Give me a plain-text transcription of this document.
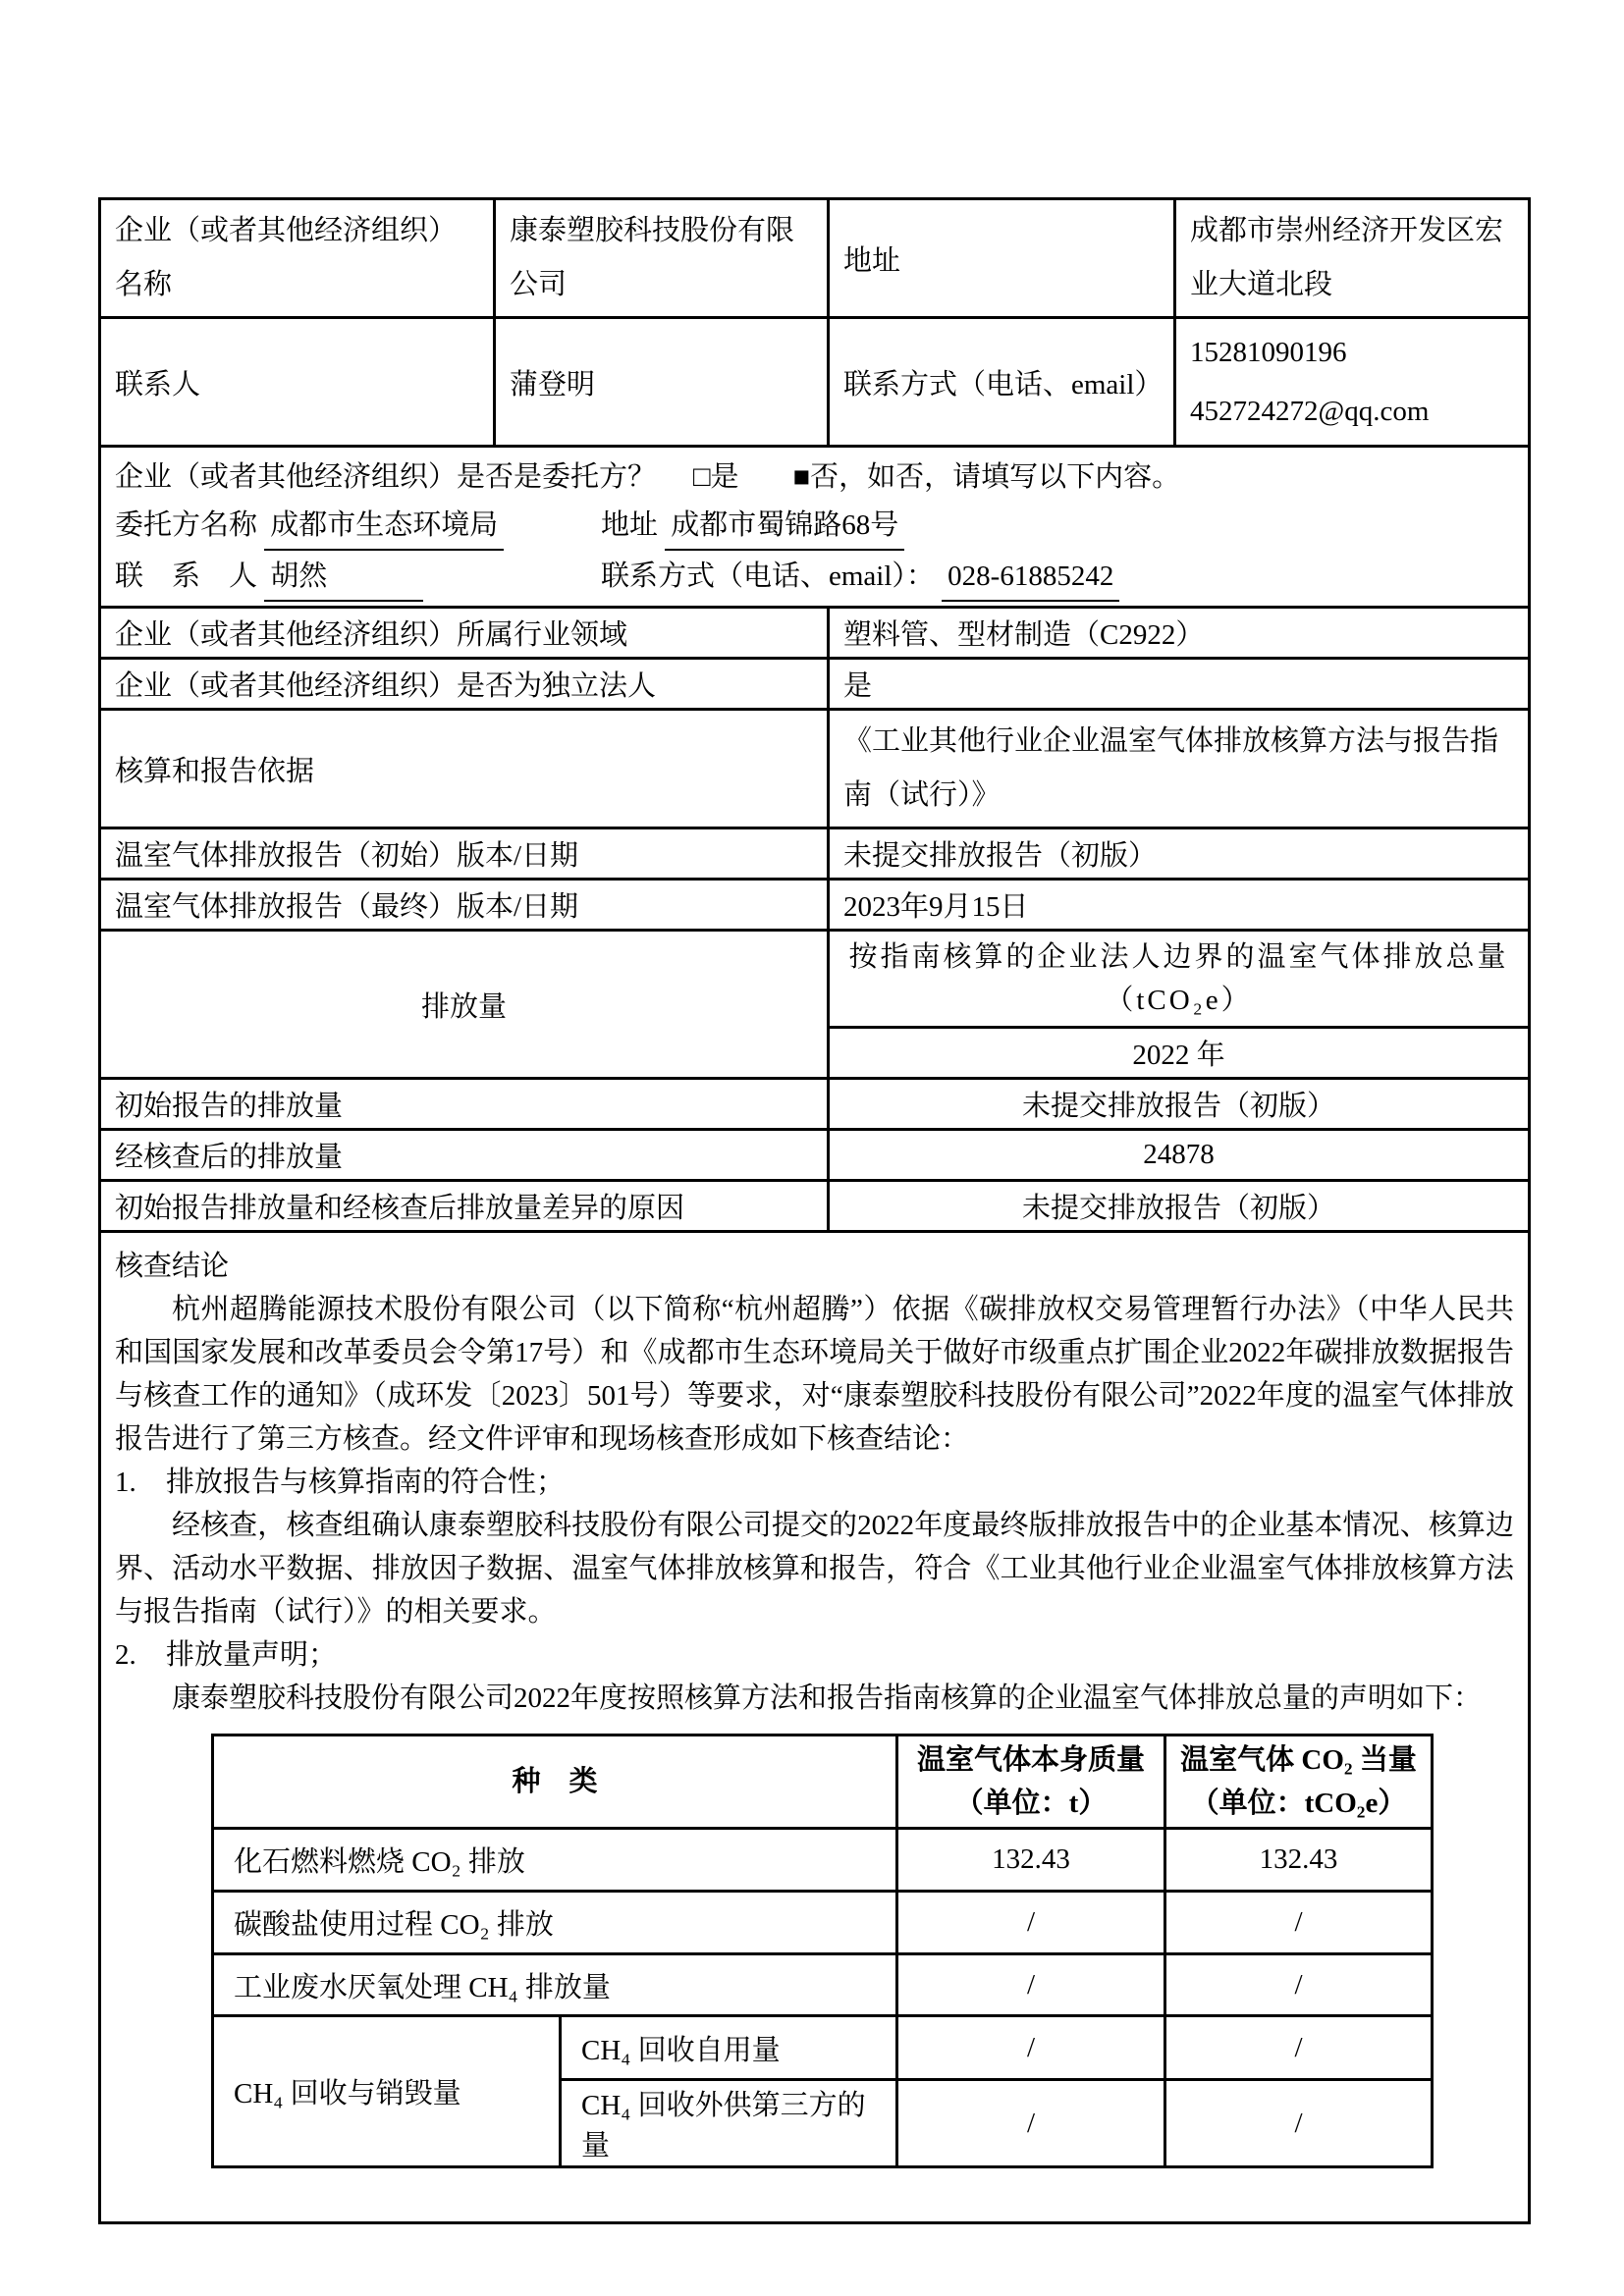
企业（或者其他经济组织）名称	康泰塑胶科技股份有限公司	地址	成都市崇州经济开发区宏业大道北段
联系人	蒲登明	联系方式（电话、email）	
15281090196
452724272@qq.com

企业（或者其他经济组织）是否是委托方？ □是 ■否，如否，请填写以下内容。
委托方名称 成都市生态环境局	地址 成都市蜀锦路68号
联　系　人 胡然	联系方式（电话、email）： 028-61885242

企业（或者其他经济组织）所属行业领域	塑料管、型材制造（C2922）
企业（或者其他经济组织）是否为独立法人	是
核算和报告依据	《工业其他行业企业温室气体排放核算方法与报告指南（试行）》
温室气体排放报告（初始）版本/日期	未提交排放报告（初版）
温室气体排放报告（最终）版本/日期	2023年9月15日
排放量	按指南核算的企业法人边界的温室气体排放总量（tCO₂e）
2022 年
初始报告的排放量	未提交排放报告（初版）
经核查后的排放量	24878
初始报告排放量和经核查后排放量差异的原因	未提交排放报告（初版）

核查结论

杭州超腾能源技术股份有限公司（以下简称“杭州超腾”）依据《碳排放权交易管理暂行办法》（中华人民共和国国家发展和改革委员会令第17号）和《成都市生态环境局关于做好市级重点扩围企业2022年碳排放数据报告与核查工作的通知》（成环发〔2023〕501号）等要求，对“康泰塑胶科技股份有限公司”2022年度的温室气体排放报告进行了第三方核查。经文件评审和现场核查形成如下核查结论：

1.	排放报告与核算指南的符合性；

经核查，核查组确认康泰塑胶科技股份有限公司提交的2022年度最终版排放报告中的企业基本情况、核算边界、活动水平数据、排放因子数据、温室气体排放核算和报告，符合《工业其他行业企业温室气体排放核算方法与报告指南（试行）》的相关要求。

2.	排放量声明；

康泰塑胶科技股份有限公司2022年度按照核算方法和报告指南核算的企业温室气体排放总量的声明如下：

种　类	温室气体本身质量（单位：t）	温室气体 CO₂ 当量（单位：tCO₂e）
化石燃料燃烧 CO₂ 排放	132.43	132.43
碳酸盐使用过程 CO₂ 排放	/	/
工业废水厌氧处理 CH₄ 排放量	/	/
CH₄ 回收与销毁量	CH₄ 回收自用量	/	/
CH₄ 回收外供第三方的量	/	/
